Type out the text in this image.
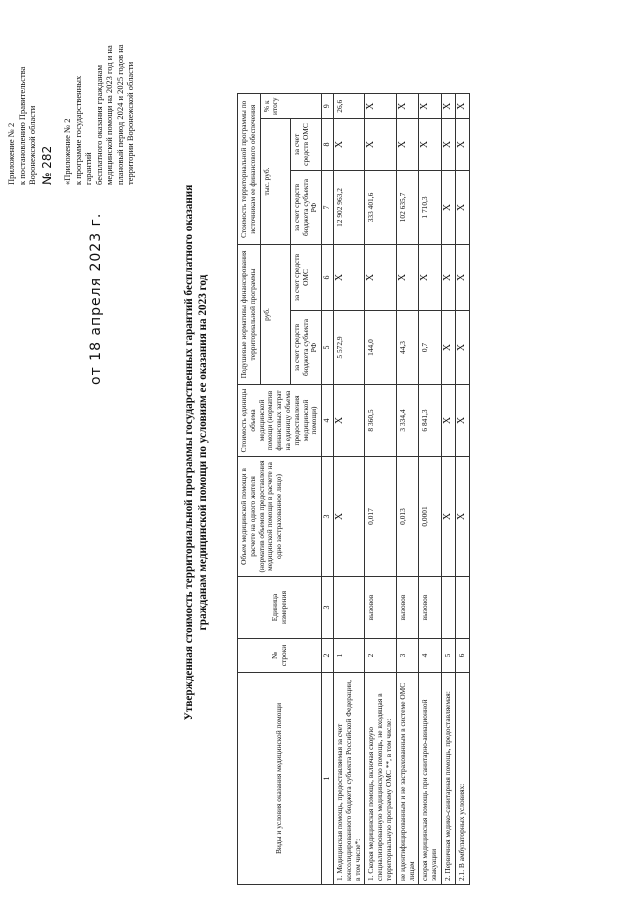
Приложение № 2 к постановлению Правительства Воронежской области № 282
от 18 апреля 2023 г.
«Приложение № 2 к программе государственных гарантий бесплатного оказания гражданам медицинской помощи на 2023 год и на плановый период 2024 и 2025 годов на территории Воронежской области
Утвержденная стоимость территориальной программы государственных гарантий бесплатного оказания гражданам медицинской помощи по условиям ее оказания на 2023 год
Виды и условия оказания медицинской помощи	№ строки	Единица измерения	Объем медицинской помощи в расчете на одного жителя (норматив объемов предоставления медицинской помощи в расчете на одно застрахованное лицо)	Стоимость единицы объема медицинской помощи (норматив финансовых затрат на единицу объема предоставления медицинской помощи)	Подушевые нормативы финансирования территориальной программы		Стоимость территориальной программы по источникам ее финансового обеспечения		
					руб.		тыс. руб.		% к итогу
					за счет средств бюджета субъекта РФ	за счет средств ОМС	за счет средств бюджета субъекта РФ	за счет средств ОМС	
1	2	3	3	4	5	6	7	8	9
1. Медицинская помощь, предоставляемая за счет консолидированного бюджета субъекта Российской Федерации, в том числе*:	1		X	X	5 572,9	X	12 902 963,2	X	26,6
1. Скорая медицинская помощь, включая скорую специализированную медицинскую помощь, не входящая в территориальную программу ОМС **, в том числе:	2	вызовов	0,017	8 360,5	144,0	X	333 401,6	X	X
не идентифицированным и не застрахованным в системе ОМС лицам	3	вызовов	0,013	3 334,4	44,3	X	102 635,7	X	X
скорая медицинская помощь при санитарно-авиационной эвакуации	4	вызовов	0,0001	6 841,3	0,7	X	1 710,3	X	X
2. Первичная медико-санитарная помощь, предоставляемая:	5		X	X	X	X	X	X	X
2.1. В амбулаторных условиях:	6		X	X	X	X	X	X	X
